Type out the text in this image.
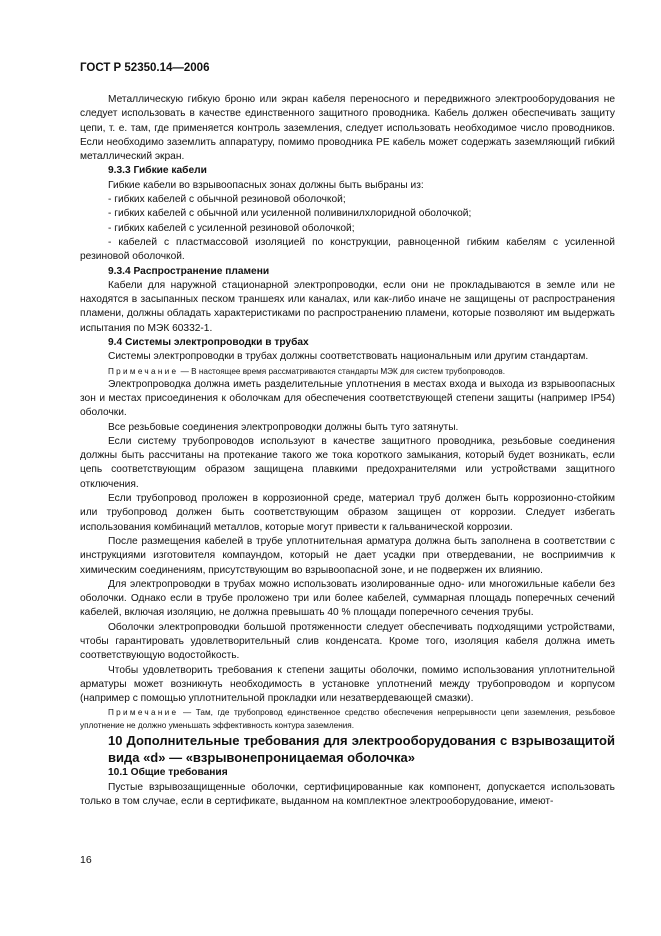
ГОСТ Р 52350.14—2006

Металлическую гибкую броню или экран кабеля переносного и передвижного электрооборудования не следует использовать в качестве единственного защитного проводника. Кабель должен обеспечивать защиту цепи, т. е. там, где применяется контроль заземления, следует использовать необходимое число проводников. Если необходимо заземлить аппаратуру, помимо проводника PE кабель может содержать заземляющий гибкий металлический экран.

9.3.3 Гибкие кабели

Гибкие кабели во взрывоопасных зонах должны быть выбраны из:

- гибких кабелей с обычной резиновой оболочкой;

- гибких кабелей с обычной или усиленной поливинилхлоридной оболочкой;

- гибких кабелей с усиленной резиновой оболочкой;

- кабелей с пластмассовой изоляцией по конструкции, равноценной гибким кабелям с усиленной резиновой оболочкой.

9.3.4 Распространение пламени

Кабели для наружной стационарной электропроводки, если они не прокладываются в земле или не находятся в засыпанных песком траншеях или каналах, или как-либо иначе не защищены от распространения пламени, должны обладать характеристиками по распространению пламени, которые позволяют им выдержать испытания по МЭК 60332-1.

9.4 Системы электропроводки в трубах

Системы электропроводки в трубах должны соответствовать национальным или другим стандартам.

Примечание — В настоящее время рассматриваются стандарты МЭК для систем трубопроводов.

Электропроводка должна иметь разделительные уплотнения в местах входа и выхода из взрывоопасных зон и местах присоединения к оболочкам для обеспечения соответствующей степени защиты (например IP54) оболочки.

Все резьбовые соединения электропроводки должны быть туго затянуты.

Если систему трубопроводов используют в качестве защитного проводника, резьбовые соединения должны быть рассчитаны на протекание такого же тока короткого замыкания, который будет возникать, если цепь соответствующим образом защищена плавкими предохранителями или устройствами защитного отключения.

Если трубопровод проложен в коррозионной среде, материал труб должен быть коррозионно-стойким или трубопровод должен быть соответствующим образом защищен от коррозии. Следует избегать использования комбинаций металлов, которые могут привести к гальванической коррозии.

После размещения кабелей в трубе уплотнительная арматура должна быть заполнена в соответствии с инструкциями изготовителя компаундом, который не дает усадки при отвердевании, не восприимчив к химическим соединениям, присутствующим во взрывоопасной зоне, и не подвержен их влиянию.

Для электропроводки в трубах можно использовать изолированные одно- или многожильные кабели без оболочки. Однако если в трубе проложено три или более кабелей, суммарная площадь поперечных сечений кабелей, включая изоляцию, не должна превышать 40 % площади поперечного сечения трубы.

Оболочки электропроводки большой протяженности следует обеспечивать подходящими устройствами, чтобы гарантировать удовлетворительный слив конденсата. Кроме того, изоляция кабеля должна иметь соответствующую водостойкость.

Чтобы удовлетворить требования к степени защиты оболочки, помимо использования уплотнительной арматуры может возникнуть необходимость в установке уплотнений между трубопроводом и корпусом (например с помощью уплотнительной прокладки или незатвердевающей смазки).

Примечание — Там, где трубопровод единственное средство обеспечения непрерывности цепи заземления, резьбовое уплотнение не должно уменьшать эффективность контура заземления.

10 Дополнительные требования для электрооборудования с взрывозащитой вида «d» — «взрывонепроницаемая оболочка»

10.1 Общие требования

Пустые взрывозащищенные оболочки, сертифицированные как компонент, допускается использовать только в том случае, если в сертификате, выданном на комплектное электрооборудование, имеют-

16
